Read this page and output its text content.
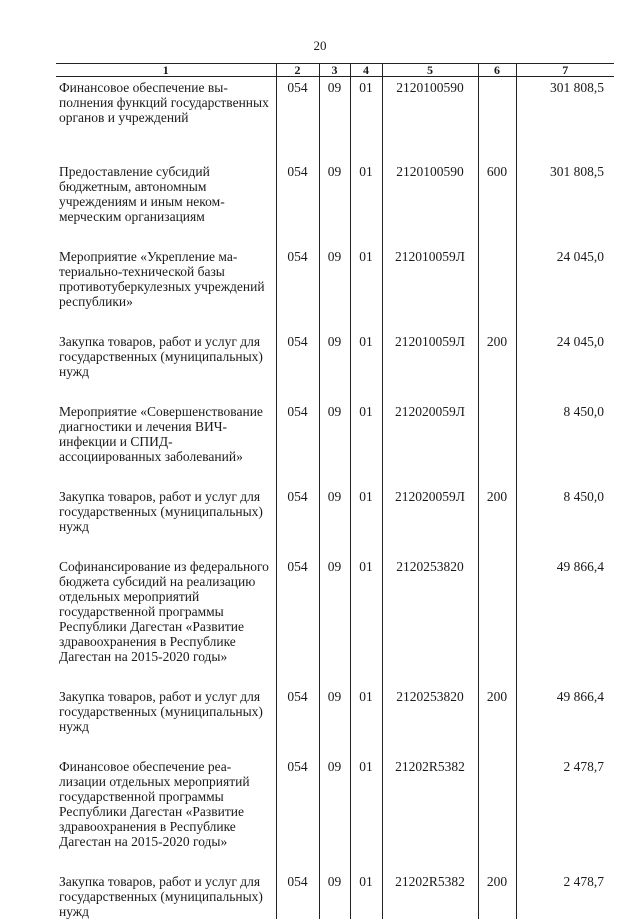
20
1	2	3	4	5	6	7
Финансовое обеспечение выполнения функций государственных органов и учреждений	054	09	01	2120100590		301 808,5
Предоставление субсидий бюджетным, автономным учреждениям и иным некоммерческим организациям	054	09	01	2120100590	600	301 808,5
Мероприятие «Укрепление материально-технической базы противотуберкулезных учреждений республики»	054	09	01	212010059Л		24 045,0
Закупка товаров, работ и услуг для государственных (муниципальных) нужд	054	09	01	212010059Л	200	24 045,0
Мероприятие «Совершенствование диагностики и лечения ВИЧ-инфекции и СПИД-ассоциированных заболеваний»	054	09	01	212020059Л		8 450,0
Закупка товаров, работ и услуг для государственных (муниципальных) нужд	054	09	01	212020059Л	200	8 450,0
Софинансирование из федерального бюджета субсидий на реализацию отдельных мероприятий государственной программы Республики Дагестан «Развитие здравоохранения в Республике Дагестан на 2015-2020 годы»	054	09	01	2120253820		49 866,4
Закупка товаров, работ и услуг для государственных (муниципальных) нужд	054	09	01	2120253820	200	49 866,4
Финансовое обеспечение реализации отдельных мероприятий государственной программы Республики Дагестан «Развитие здравоохранения в Республике Дагестан на 2015-2020 годы»	054	09	01	21202R5382		2 478,7
Закупка товаров, работ и услуг для государственных (муниципальных) нужд	054	09	01	21202R5382	200	2 478,7
